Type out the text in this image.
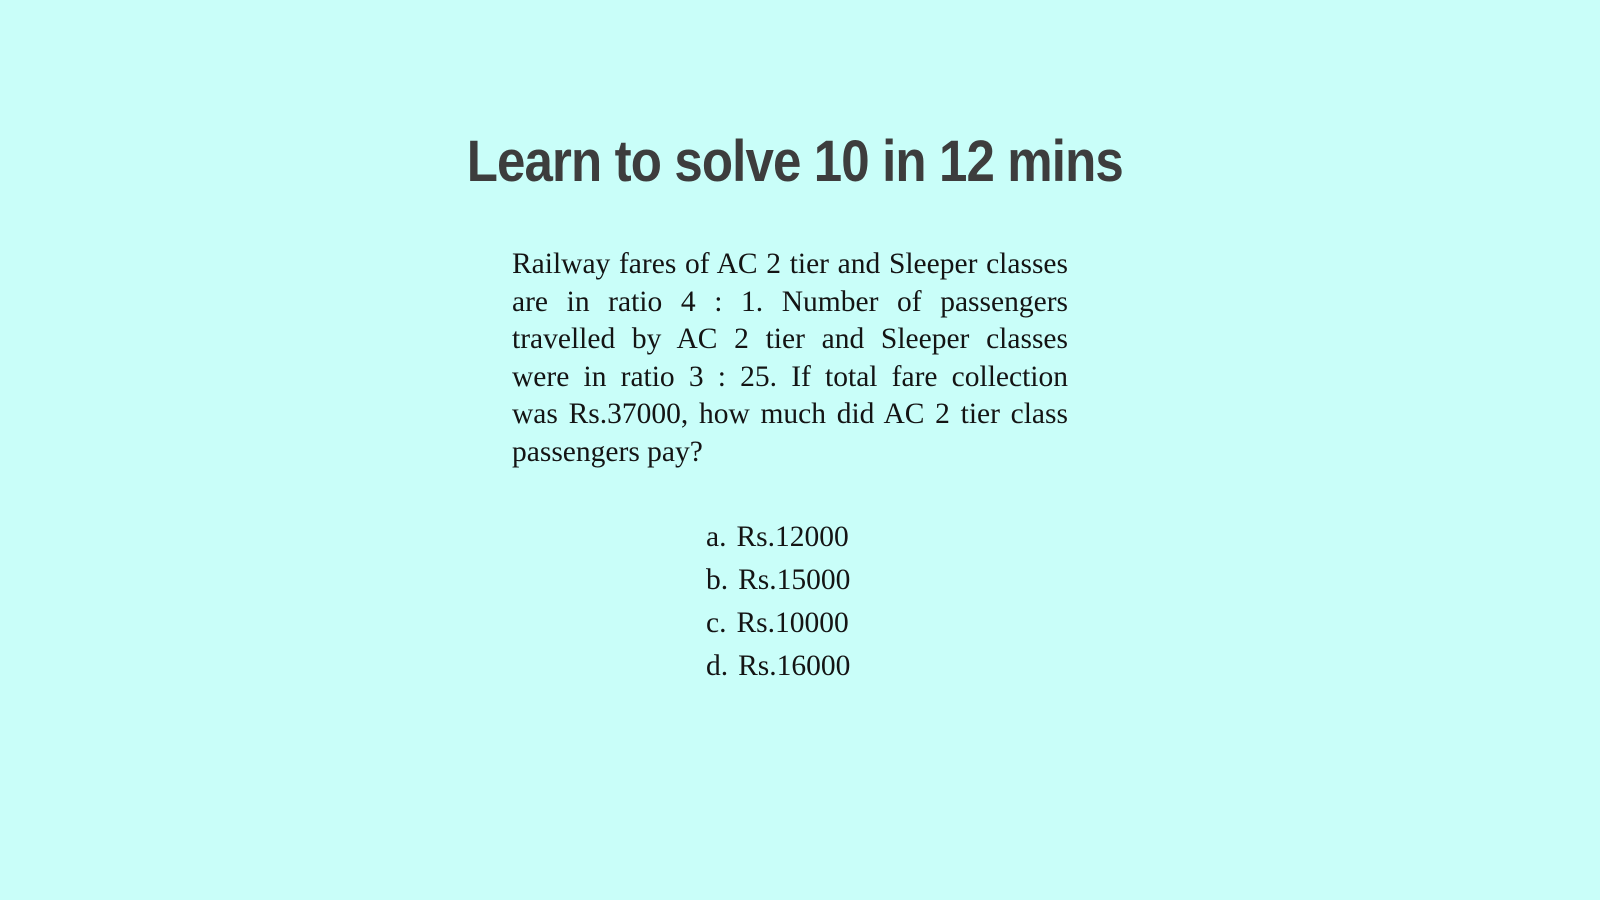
Learn to solve 10 in 12 mins
Railway fares of AC 2 tier and Sleeper classes
are in ratio 4 : 1. Number of passengers
travelled by AC 2 tier and Sleeper classes
were in ratio 3 : 25. If total fare collection
was Rs.37000, how much did AC 2 tier class
passengers pay?
a. Rs.12000
b. Rs.15000
c. Rs.10000
d. Rs.16000
